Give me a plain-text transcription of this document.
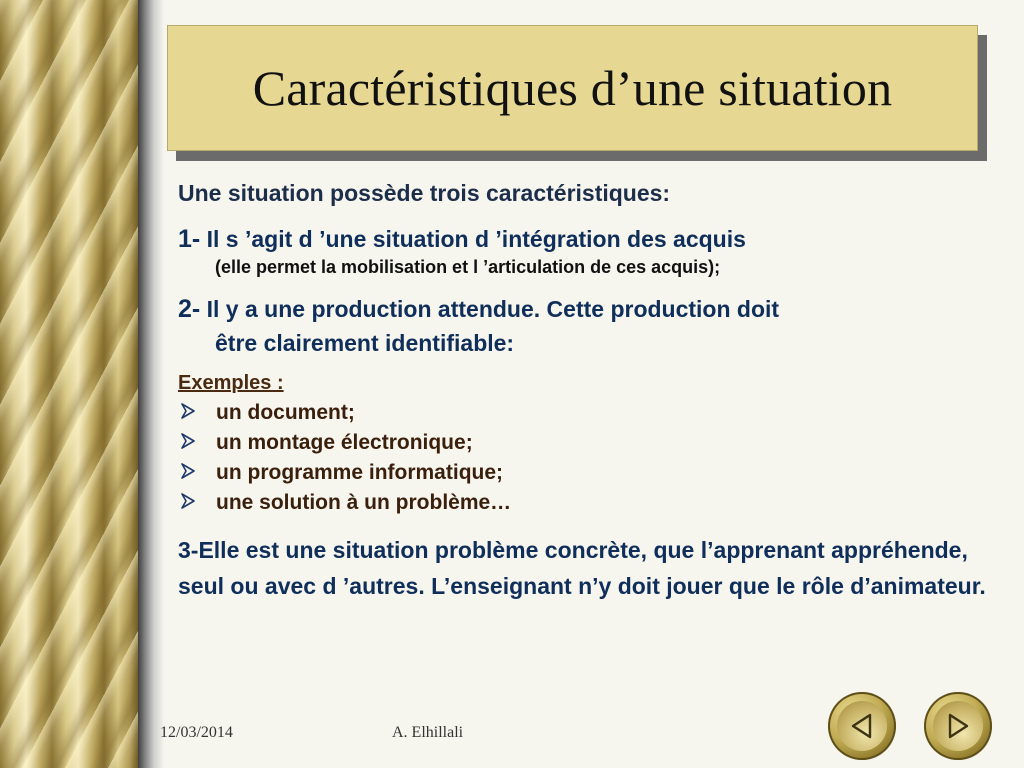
Caractéristiques d’une situation

Une situation possède trois caractéristiques:

1- Il s ’agit d ’une situation d ’intégration des acquis

(elle permet la mobilisation et l ’articulation de ces acquis);

2- Il y a une production attendue. Cette production doit
être clairement identifiable:

Exemples :
un document;
un montage électronique;
un programme informatique;
une solution à un problème…

3-Elle est une situation problème concrète, que l’apprenant appréhende, seul ou avec d ’autres. L’enseignant n’y doit jouer que le rôle d’animateur.

12/03/2014	A. Elhillali
